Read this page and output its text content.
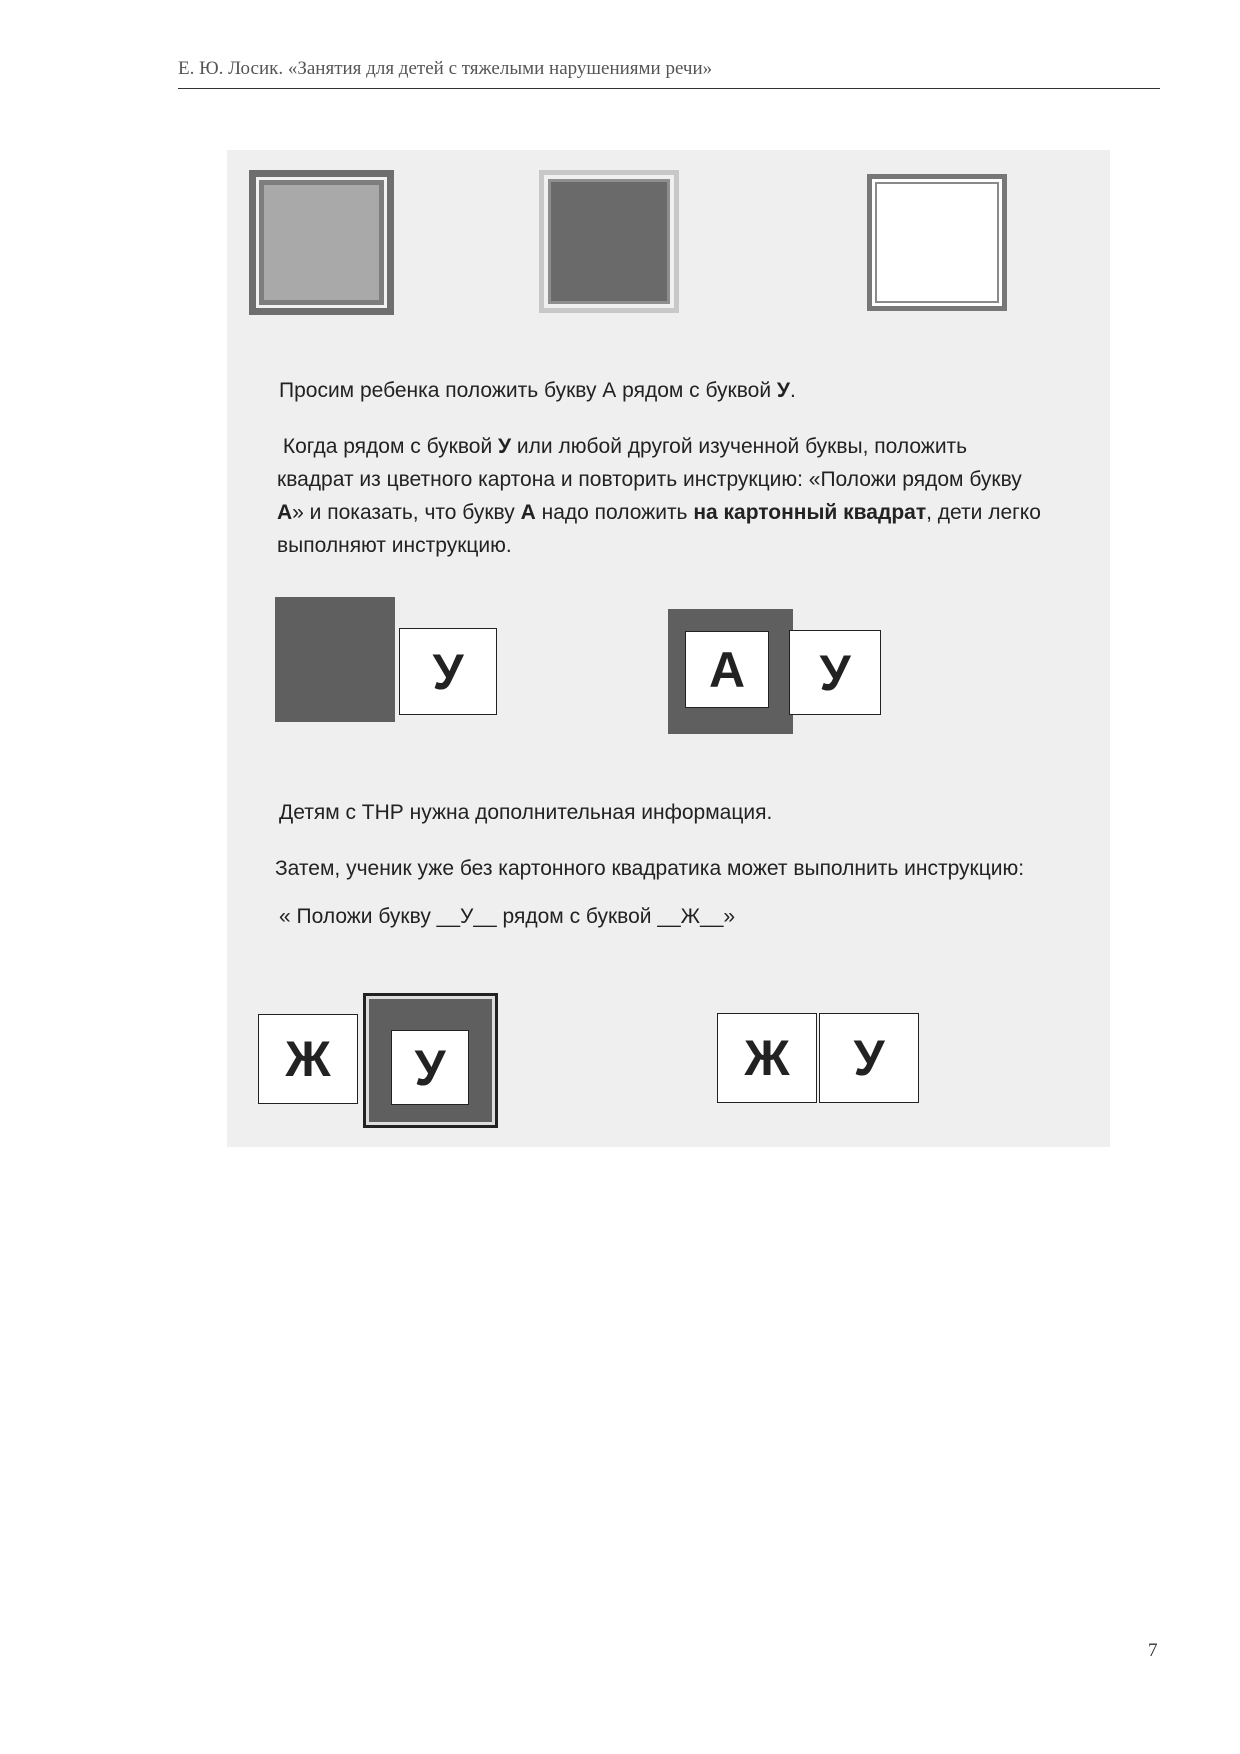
Е. Ю. Лосик. «Занятия для детей с тяжелыми нарушениями речи»
Просим ребенка положить букву А рядом с буквой У.
Когда рядом с буквой У или любой другой изученной буквы, положить
квадрат из цветного картона и повторить инструкцию: «Положи рядом букву
А» и показать, что букву А надо положить на картонный квадрат, дети легко
выполняют инструкцию.
У	А	У
Детям с ТНР нужна дополнительная информация.
Затем, ученик уже без картонного квадратика может выполнить инструкцию:
« Положи букву __У__ рядом с буквой __Ж__»
Ж	У	Ж	У
7
